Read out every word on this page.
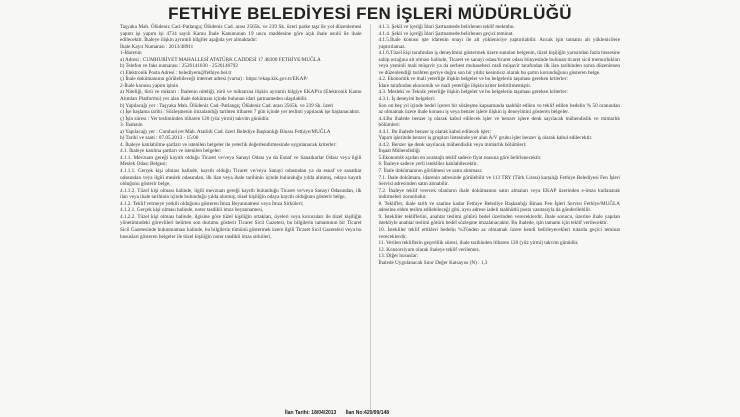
FETHİYE BELEDİYESİ FEN İŞLERİ MÜDÜRLÜĞÜ

Taşyaka Mah. Ölüdeniz Cad.-Patlangıç Ölüdeniz Cad. arası 2565k. ve 239 Sk. üzeri parke taşı ile yol düzenlemesi yapım işi yapım işi 4734 sayılı Kamu İhale Kanununun 19 uncu maddesine göre açık ihale usulü ile ihale edilecektir. İhaleye ilişkin ayrıntılı bilgiler aşağıda yer almaktadır:

İhale Kayıt Numarası : 2013/48911

1-İdarenin

a) Adresi : CUMHURİYET MAHALLESİ ATATÜRK CADDESİ 17 48300 FETHİYE/MUĞLA

b) Telefon ve faks numarası : 2526141030 - 2526146792

c) Elektronik Posta Adresi : belediyem@fethiye.bel.tr

ç) İhale dokümanının görülebileceği internet adresi (varsa) : https://ekap.kik.gov.tr/EKAP/

2-İhale konusu yapım işinin

a) Niteliği, türü ve miktarı : İhalenin niteliği, türü ve miktarına ilişkin ayrıntılı bilgiye EKAP'ta (Elektronik Kamu Alımları Platformu) yer alan ihale dokümanı içinde bulunan idari şartnameden ulaşılabilir.

b) Yapılacağı yer : Taşyaka Mah. Ölüdeniz Cad.-Patlangıç Ölüdeniz Cad. arası 2565k. ve 239 Sk. üzeri

c) İşe başlama tarihi : Sözleşmenin imzalandığı tarihten itibaren 7 gün içinde yer teslimi yapılarak işe başlanacaktır.

ç) İşin süresi : Yer tesliminden itibaren 120 (yüz yirmi) takvim günüdür.

3- İhalenin

a) Yapılacağı yer : Cumhuriyet Mah. Atatürk Cad. üzeri Belediye Başkanlığı Binası Fethiye/MUĞLA

b) Tarihi ve saati : 07.05.2013 - 15:00

4. İhaleye katılabilme şartları ve istenilen belgeler ile yeterlik değerlendirmesinde uygulanacak kriterler:

4.1. İhaleye katılma şartları ve istenilen belgeler:

4.1.1. Mevzuatı gereği kayıtlı olduğu Ticaret ve/veya Sanayi Odası ya da Esnaf ve Sanatkarlar Odası veya ilgili Meslek Odası Belgesi;

4.1.1.1. Gerçek kişi olması halinde, kayıtlı olduğu Ticaret ve/veya Sanayi odasından ya da esnaf ve sanatkar odasından veya ilgili meslek odasından, ilk ilan veya ihale tarihinin içinde bulunduğu yılda alınmış, odaya kayıtlı olduğunu gösterir belge,

4.1.1.2. Tüzel kişi olması halinde, ilgili mevzuatı gereği kayıtlı bulunduğu Ticaret ve/veya Sanayi Odasından, ilk ilan veya ihale tarihinin içinde bulunduğu yılda alınmış, tüzel kişiliğin odaya kayıtlı olduğunu gösterir belge,

4.1.2. Teklif vermeye yetkili olduğunu gösteren İmza Beyannamesi veya İmza Sirküleri;

4.1.2.1. Gerçek kişi olması halinde, noter tasdikli imza beyannamesi,

4.1.2.2. Tüzel kişi olması halinde, ilgisine göre tüzel kişiliğin ortakları, üyeleri veya kurucuları ile tüzel kişiliğin yönetimindeki görevlileri belirten son durumu gösterir Ticaret Sicil Gazetesi, bu bilgilerin tamamının bir Ticaret Sicil Gazetesinde bulunmaması halinde, bu bilgilerin tümünü göstermek üzere ilgili Ticaret Sicil Gazeteleri veya bu hususları gösteren belgeler ile tüzel kişiliğin noter tasdikli imza sirküleri,

4.1.3. Şekli ve içeriği İdari Şartnamede belirlenen teklif mektubu.

4.1.4. Şekli ve içeriği İdari Şartnamede belirlenen geçici teminat.

4.1.5.İhale konusu işte idarenin onayı ile alt yükleniciye yaptırılabilir. Ancak işin tamamı alt yüklenicilere yaptırılamaz.

4.1.6.Tüzel kişi tarafından iş deneyimini göstermek üzere sunulan belgenin, tüzel kişiliğin yarısından fazla hissesine sahip ortağına ait olması halinde, Ticaret ve sanayi odası/ticaret odası bünyesinde bulunan ticaret sicil memurlukları veya yeminli mali müşavir ya da serbest muhasebeci mali müşavir tarafından ilk ilan tarihinden sonra düzenlenen ve düzenlendiği tarihten geriye doğru son bir yıldır kesintisiz olarak bu şartın korunduğunu gösteren belge.

4.2. Ekonomik ve mali yeterliğe ilişkin belgeler ve bu belgelerin taşıması gereken kriterler:

İdare tarafından ekonomik ve mali yeterliğe ilişkin kriter belirtilmemiştir.

4.3. Mesleki ve Teknik yeterliğe ilişkin belgeler ve bu belgelerin taşıması gereken kriterler:

4.3.1. İş deneyim belgeleri:

Son on beş yıl içinde bedel içeren bir sözleşme kapsamında taahhüt edilen ve teklif edilen bedelin % 50 oranından az olmamak üzere ihale konusu iş veya benzer işlere ilişkin iş deneyimini gösteren belgeler.

4.4.Bu ihalede benzer iş olarak kabul edilecek işler ve benzer işlere denk sayılacak mühendislik ve mimarlık bölümleri:

4.4.1. Bu ihalede benzer iş olarak kabul edilecek işler:

Yapım işlerinde benzer iş grupları listesinde yer alan A/V grubu işler benzer iş olarak kabul edilecektir.

4.4.2. Benzer işe denk sayılacak mühendislik veya mimarlık bölümleri:

İnşaat Mühendisliği

5.Ekonomik açıdan en avantajlı teklif sadece fiyat esasına göre belirlenecektir.

6. İhaleye sadece yerli istekliler katılabilecektir.

7. İhale dokümanının görülmesi ve satın alınması:

7.1. İhale dokümanı, idarenin adresinde görülebilir ve 113 TRY (Türk Lirası) karşılığı Fethiye Belediyesi Fen İşleri Servisi adresinden satın alınabilir.

7.2. İhaleye teklif verecek olanların ihale dokümanını satın almaları veya EKAP üzerinden e-imza kullanarak indirmeleri zorunludur.

8. Teklifler, ihale tarih ve saatine kadar Fethiye Belediye Başkanlığı Binası Fen İşleri Servisi Fethiye/MUĞLA adresine elden teslim edilebileceği gibi, aynı adrese iadeli taahhütlü posta vasıtasıyla da gönderilebilir.

9. İstekliler tekliflerini, anahtar teslimi götürü bedel üzerinden vereceklerdir. İhale sonucu, üzerine ihale yapılan istekliyle anahtar teslimi götürü bedel sözleşme imzalanacaktır. Bu ihalede, işin tamamı için teklif verilecektir.

10. İstekliler teklif ettikleri bedelin %3'ünden az olmamak üzere kendi belirleyecekleri tutarda geçici teminat vereceklerdir.

11. Verilen tekliflerin geçerlilik süresi, ihale tarihinden itibaren 120 (yüz yirmi) takvim günüdür.

12. Konsorsiyum olarak ihaleye teklif verilemez.

13. Diğer hususlar:

İhalede Uygulanacak Sınır Değer Katsayısı (N) : 1,3

İlan Tarihi: 18/04/2013 İlan No:420/99/148
